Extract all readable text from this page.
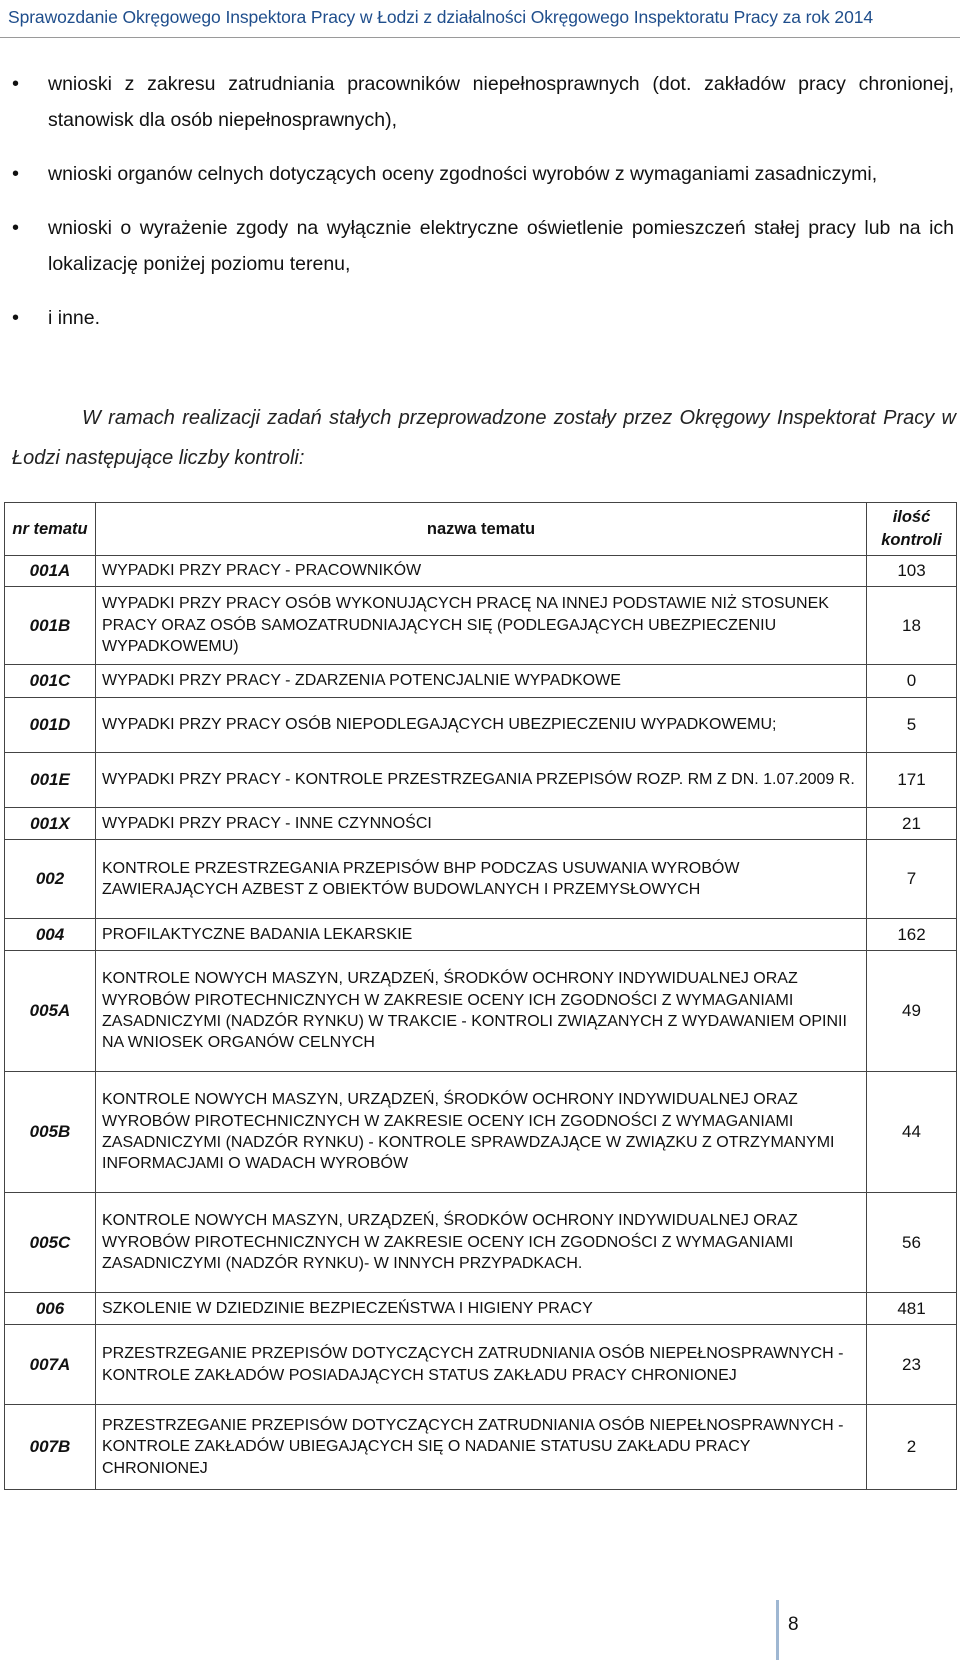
Sprawozdanie Okręgowego Inspektora Pracy w Łodzi z działalności Okręgowego Inspektoratu Pracy za rok 2014
• wnioski z zakresu zatrudniania pracowników niepełnosprawnych (dot. zakładów pracy chronionej, stanowisk dla osób niepełnosprawnych),
• wnioski organów celnych dotyczących oceny zgodności wyrobów z wymaganiami zasadniczymi,
• wnioski o wyrażenie zgody na wyłącznie elektryczne oświetlenie pomieszczeń stałej pracy lub na ich lokalizację poniżej poziomu terenu,
• i inne.

W ramach realizacji zadań stałych przeprowadzone zostały przez Okręgowy Inspektorat Pracy w Łodzi następujące liczby kontroli:

nr tematu	nazwa tematu	ilość kontroli
001A	WYPADKI PRZY PRACY - PRACOWNIKÓW	103
001B	WYPADKI PRZY PRACY OSÓB WYKONUJĄCYCH PRACĘ NA INNEJ PODSTAWIE NIŻ STOSUNEK PRACY ORAZ OSÓB SAMOZATRUDNIAJĄCYCH SIĘ (PODLEGAJĄCYCH UBEZPIECZENIU WYPADKOWEMU)	18
001C	WYPADKI PRZY PRACY - ZDARZENIA POTENCJALNIE WYPADKOWE	0
001D	WYPADKI PRZY PRACY OSÓB NIEPODLEGAJĄCYCH UBEZPIECZENIU WYPADKOWEMU;	5
001E	WYPADKI PRZY PRACY - KONTROLE PRZESTRZEGANIA PRZEPISÓW ROZP. RM Z DN. 1.07.2009 R.	171
001X	WYPADKI PRZY PRACY - INNE CZYNNOŚCI	21
002	KONTROLE PRZESTRZEGANIA PRZEPISÓW BHP PODCZAS USUWANIA WYROBÓW ZAWIERAJĄCYCH AZBEST Z OBIEKTÓW BUDOWLANYCH I PRZEMYSŁOWYCH	7
004	PROFILAKTYCZNE BADANIA LEKARSKIE	162
005A	KONTROLE NOWYCH MASZYN, URZĄDZEŃ, ŚRODKÓW OCHRONY INDYWIDUALNEJ ORAZ WYROBÓW PIROTECHNICZNYCH W ZAKRESIE OCENY ICH ZGODNOŚCI Z WYMAGANIAMI ZASADNICZYMI (NADZÓR RYNKU) W TRAKCIE - KONTROLI ZWIĄZANYCH Z WYDAWANIEM OPINII NA WNIOSEK ORGANÓW CELNYCH	49
005B	KONTROLE NOWYCH MASZYN, URZĄDZEŃ, ŚRODKÓW OCHRONY INDYWIDUALNEJ ORAZ WYROBÓW PIROTECHNICZNYCH W ZAKRESIE OCENY ICH ZGODNOŚCI Z WYMAGANIAMI ZASADNICZYMI (NADZÓR RYNKU) - KONTROLE SPRAWDZAJĄCE W ZWIĄZKU Z OTRZYMANYMI INFORMACJAMI O WADACH WYROBÓW	44
005C	KONTROLE NOWYCH MASZYN, URZĄDZEŃ, ŚRODKÓW OCHRONY INDYWIDUALNEJ ORAZ WYROBÓW PIROTECHNICZNYCH W ZAKRESIE OCENY ICH ZGODNOŚCI Z WYMAGANIAMI ZASADNICZYMI (NADZÓR RYNKU)- W INNYCH PRZYPADKACH.	56
006	SZKOLENIE W DZIEDZINIE BEZPIECZEŃSTWA I HIGIENY PRACY	481
007A	PRZESTRZEGANIE PRZEPISÓW DOTYCZĄCYCH ZATRUDNIANIA OSÓB NIEPEŁNOSPRAWNYCH - KONTROLE ZAKŁADÓW POSIADAJĄCYCH STATUS ZAKŁADU PRACY CHRONIONEJ	23
007B	PRZESTRZEGANIE PRZEPISÓW DOTYCZĄCYCH ZATRUDNIANIA OSÓB NIEPEŁNOSPRAWNYCH - KONTROLE ZAKŁADÓW UBIEGAJĄCYCH SIĘ O NADANIE STATUSU ZAKŁADU PRACY CHRONIONEJ	2
8
